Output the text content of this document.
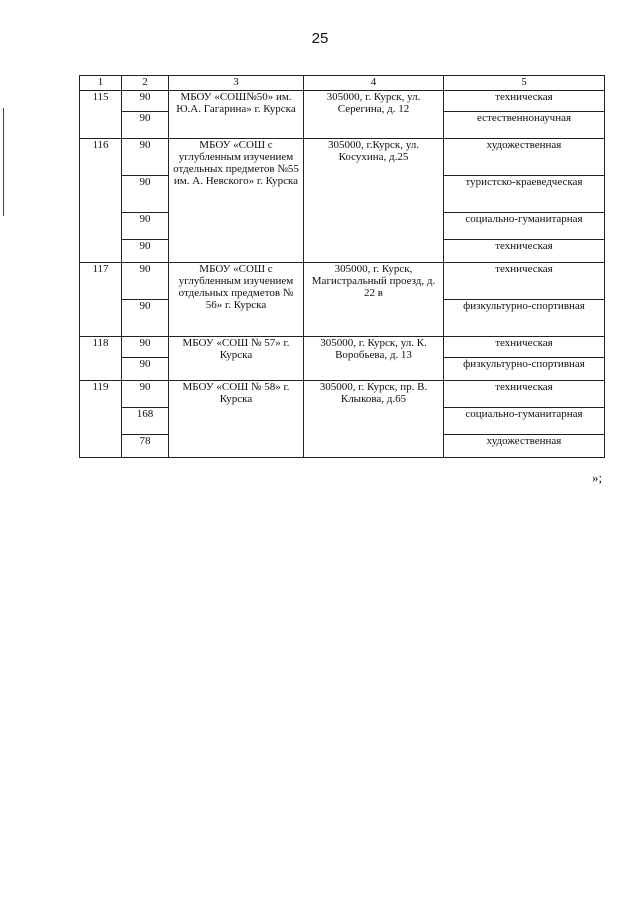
25
1	2	3	4	5
115	90	МБОУ «СОШ№50» им. Ю.А. Гагарина» г. Курска	305000, г. Курск, ул. Серегина, д. 12	техническая
	90			естественнонаучная
116	90	МБОУ «СОШ с углубленным изучением отдельных предметов №55 им. А. Невского» г. Курска	305000, г.Курск, ул. Косухина, д.25	художественная
	90			туристско-краеведческая
	90			социально-гуманитарная
	90			техническая
117	90	МБОУ «СОШ с углубленным изучением отдельных предметов № 56» г. Курска	305000, г. Курск, Магистральный проезд, д. 22 в	техническая
	90			физкультурно-спортивная
118	90	МБОУ «СОШ № 57» г. Курска	305000, г. Курск, ул. К. Воробьева, д. 13	техническая
	90			физкультурно-спортивная
119	90	МБОУ «СОШ № 58» г. Курска	305000, г. Курск, пр. В. Клыкова, д.65	техническая
	168			социально-гуманитарная
	78			художественная
»;
